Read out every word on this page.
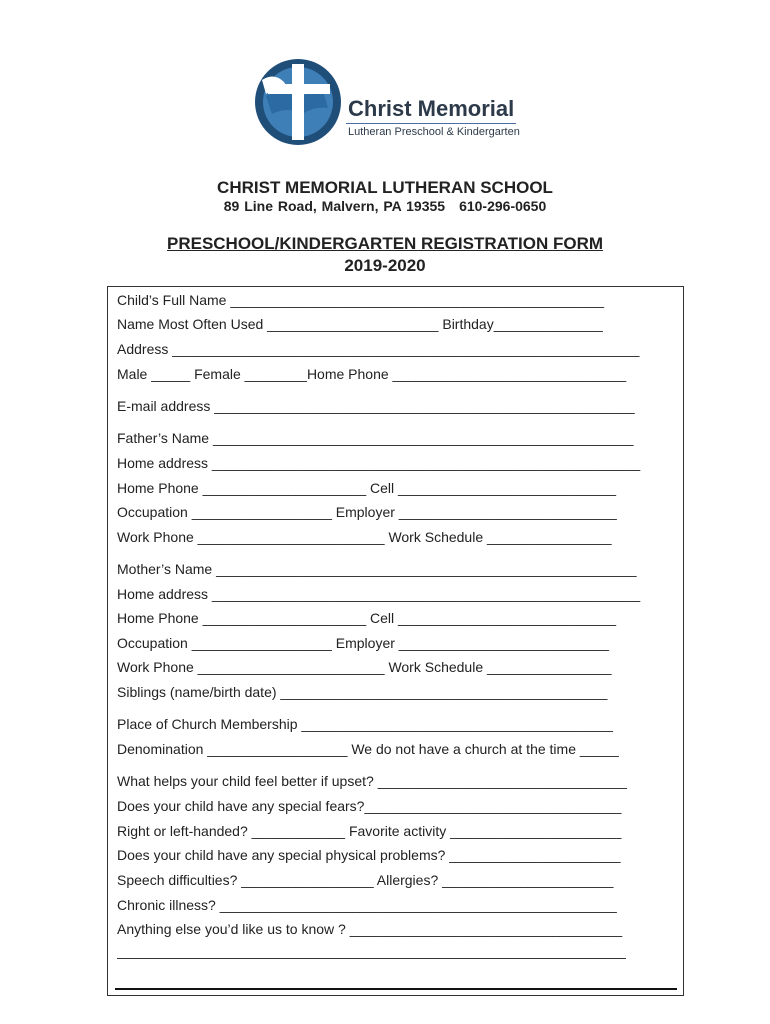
Christ Memorial
Lutheran Preschool & Kindergarten
CHRIST MEMORIAL LUTHERAN SCHOOL
89 Line Road, Malvern, PA 19355 610-296-0650
PRESCHOOL/KINDERGARTEN REGISTRATION FORM
2019-2020
Child’s Full Name ________________________________________________
Name Most Often Used ______________________ Birthday______________
Address ____________________________________________________________
Male _____ Female ________Home Phone ______________________________
E-mail address ______________________________________________________
Father’s Name ______________________________________________________
Home address _______________________________________________________
Home Phone _____________________ Cell ____________________________
Occupation __________________ Employer ____________________________
Work Phone ________________________ Work Schedule ________________
Mother’s Name ______________________________________________________
Home address _______________________________________________________
Home Phone _____________________ Cell ____________________________
Occupation __________________ Employer ___________________________
Work Phone ________________________ Work Schedule ________________
Siblings (name/birth date) __________________________________________
Place of Church Membership ________________________________________
Denomination __________________ We do not have a church at the time _____
What helps your child feel better if upset? ________________________________
Does your child have any special fears?_________________________________
Right or left-handed? ____________ Favorite activity ______________________
Does your child have any special physical problems? ______________________
Speech difficulties? _________________ Allergies? ______________________
Chronic illness? ___________________________________________________
Anything else you’d like us to know ? ___________________________________
